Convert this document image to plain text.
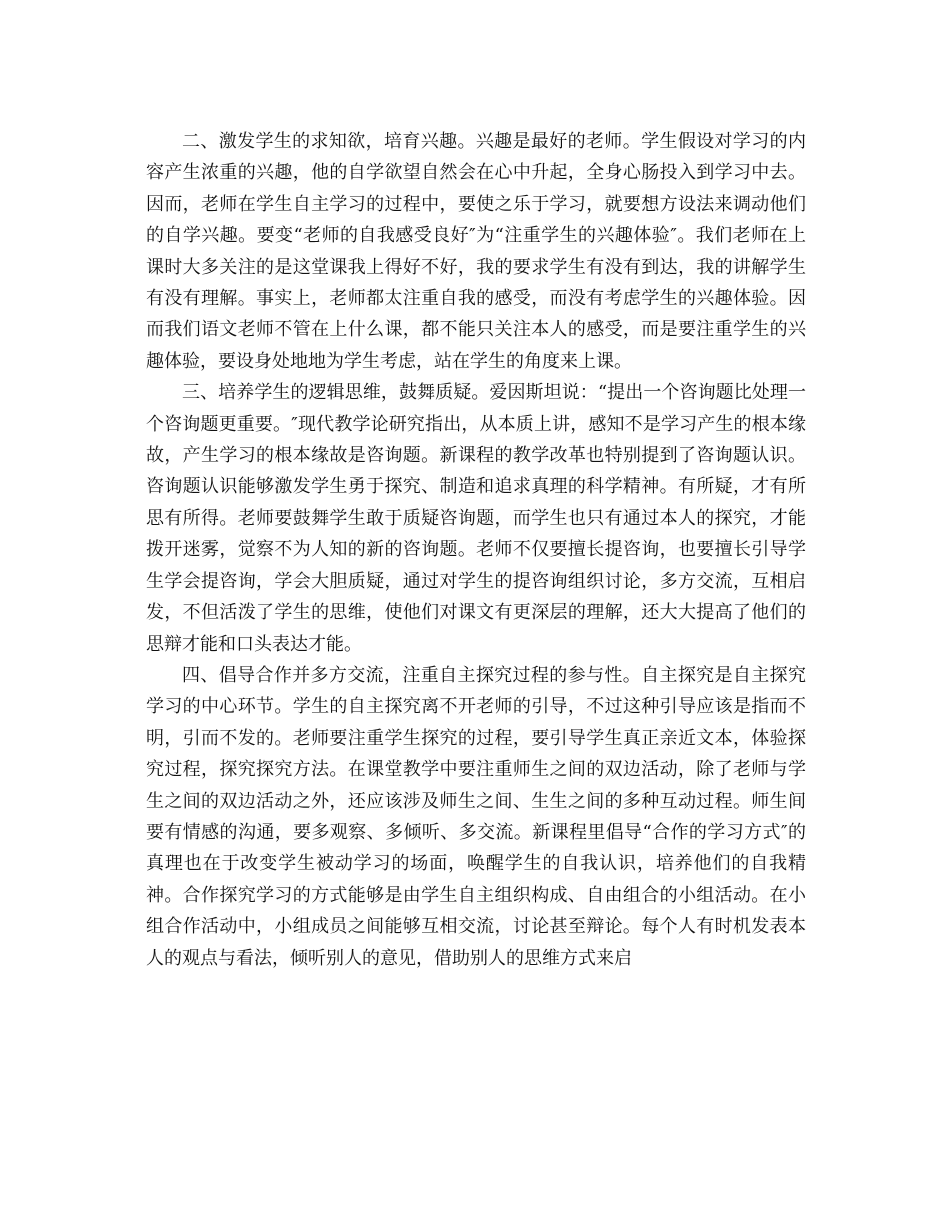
二、激发学生的求知欲，培育兴趣。兴趣是最好的老师。学生假设对学习的内容产生浓重的兴趣，他的自学欲望自然会在心中升起，全身心肠投入到学习中去。因而，老师在学生自主学习的过程中，要使之乐于学习，就要想方设法来调动他们的自学兴趣。要变“老师的自我感受良好″为“注重学生的兴趣体验″。我们老师在上课时大多关注的是这堂课我上得好不好，我的要求学生有没有到达，我的讲解学生有没有理解。事实上，老师都太注重自我的感受，而没有考虑学生的兴趣体验。因而我们语文老师不管在上什么课，都不能只关注本人的感受，而是要注重学生的兴趣体验，要设身处地地为学生考虑，站在学生的角度来上课。

三、培养学生的逻辑思维，鼓舞质疑。爱因斯坦说：“提出一个咨询题比处理一个咨询题更重要。″现代教学论研究指出，从本质上讲，感知不是学习产生的根本缘故，产生学习的根本缘故是咨询题。新课程的教学改革也特别提到了咨询题认识。咨询题认识能够激发学生勇于探究、制造和追求真理的科学精神。有所疑，才有所思有所得。老师要鼓舞学生敢于质疑咨询题，而学生也只有通过本人的探究，才能拨开迷雾，觉察不为人知的新的咨询题。老师不仅要擅长提咨询，也要擅长引导学生学会提咨询，学会大胆质疑，通过对学生的提咨询组织讨论，多方交流，互相启发，不但活泼了学生的思维，使他们对课文有更深层的理解，还大大提高了他们的思辩才能和口头表达才能。

四、倡导合作并多方交流，注重自主探究过程的参与性。自主探究是自主探究学习的中心环节。学生的自主探究离不开老师的引导，不过这种引导应该是指而不明，引而不发的。老师要注重学生探究的过程，要引导学生真正亲近文本，体验探究过程，探究探究方法。在课堂教学中要注重师生之间的双边活动，除了老师与学生之间的双边活动之外，还应该涉及师生之间、生生之间的多种互动过程。师生间要有情感的沟通，要多观察、多倾听、多交流。新课程里倡导“合作的学习方式″的真理也在于改变学生被动学习的场面，唤醒学生的自我认识，培养他们的自我精神。合作探究学习的方式能够是由学生自主组织构成、自由组合的小组活动。在小组合作活动中，小组成员之间能够互相交流，讨论甚至辩论。每个人有时机发表本人的观点与看法，倾听别人的意见，借助别人的思维方式来启
